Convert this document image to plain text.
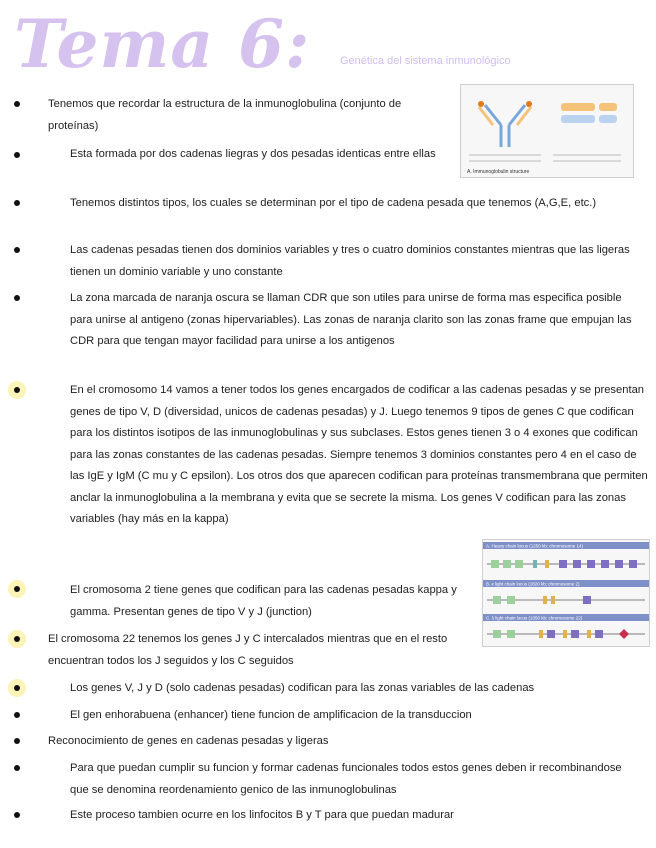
Tema 6:	Genética del sistema inmunológico
A. Immunoglobulin structure
A. Heavy chain locus (1250 kb; chromosome 14)
B. κ light chain locus (1820 kb; chromosome 2)
C. λ light chain locus (1050 kb; chromosome 22)

Tenemos que recordar la estructura de la inmunoglobulina (conjunto de proteínas)

Esta formada por dos cadenas liegras y dos pesadas identicas entre ellas

Tenemos distintos tipos, los cuales se determinan por el tipo de cadena pesada que tenemos (A,G,E, etc.)

Las cadenas pesadas tienen dos dominios variables y tres o cuatro dominios constantes mientras que las ligeras tienen un dominio variable y uno constante

La zona marcada de naranja oscura se llaman CDR que son utiles para unirse de forma mas especifica posible para unirse al antigeno (zonas hipervariables). Las zonas de naranja clarito son las zonas frame que empujan las CDR para que tengan mayor facilidad para unirse a los antigenos

En el cromosomo 14 vamos a tener todos los genes encargados de codificar a las cadenas pesadas y se presentan genes de tipo V, D (diversidad, unicos de cadenas pesadas) y J. Luego tenemos 9 tipos de genes C que codifican para los distintos isotipos de las inmunoglobulinas y sus subclases. Estos genes tienen 3 o 4 exones que codifican para las zonas constantes de las cadenas pesadas. Siempre tenemos 3 dominios constantes pero 4 en el caso de las IgE y IgM (C mu y C epsilon). Los otros dos que aparecen codifican para proteínas transmembrana que permiten anclar la inmunoglobulina a la membrana y evita que se secrete la misma. Los genes V codifican para las zonas variables (hay más en la kappa)

El cromosoma 2 tiene genes que codifican para las cadenas pesadas kappa y gamma. Presentan genes de tipo V y J (junction)

El cromosoma 22 tenemos los genes J y C intercalados mientras que en el resto encuentran todos los J seguidos y los C seguidos

Los genes V, J y D (solo cadenas pesadas) codifican para las zonas variables de las cadenas

El gen enhorabuena (enhancer) tiene funcion de amplificacion de la transduccion

Reconocimiento de genes en cadenas pesadas y ligeras

Para que puedan cumplir su funcion y formar cadenas funcionales todos estos genes deben ir recombinandose que se denomina reordenamiento genico de las inmunoglobulinas

Este proceso tambien ocurre en los linfocitos B y T para que puedan madurar
